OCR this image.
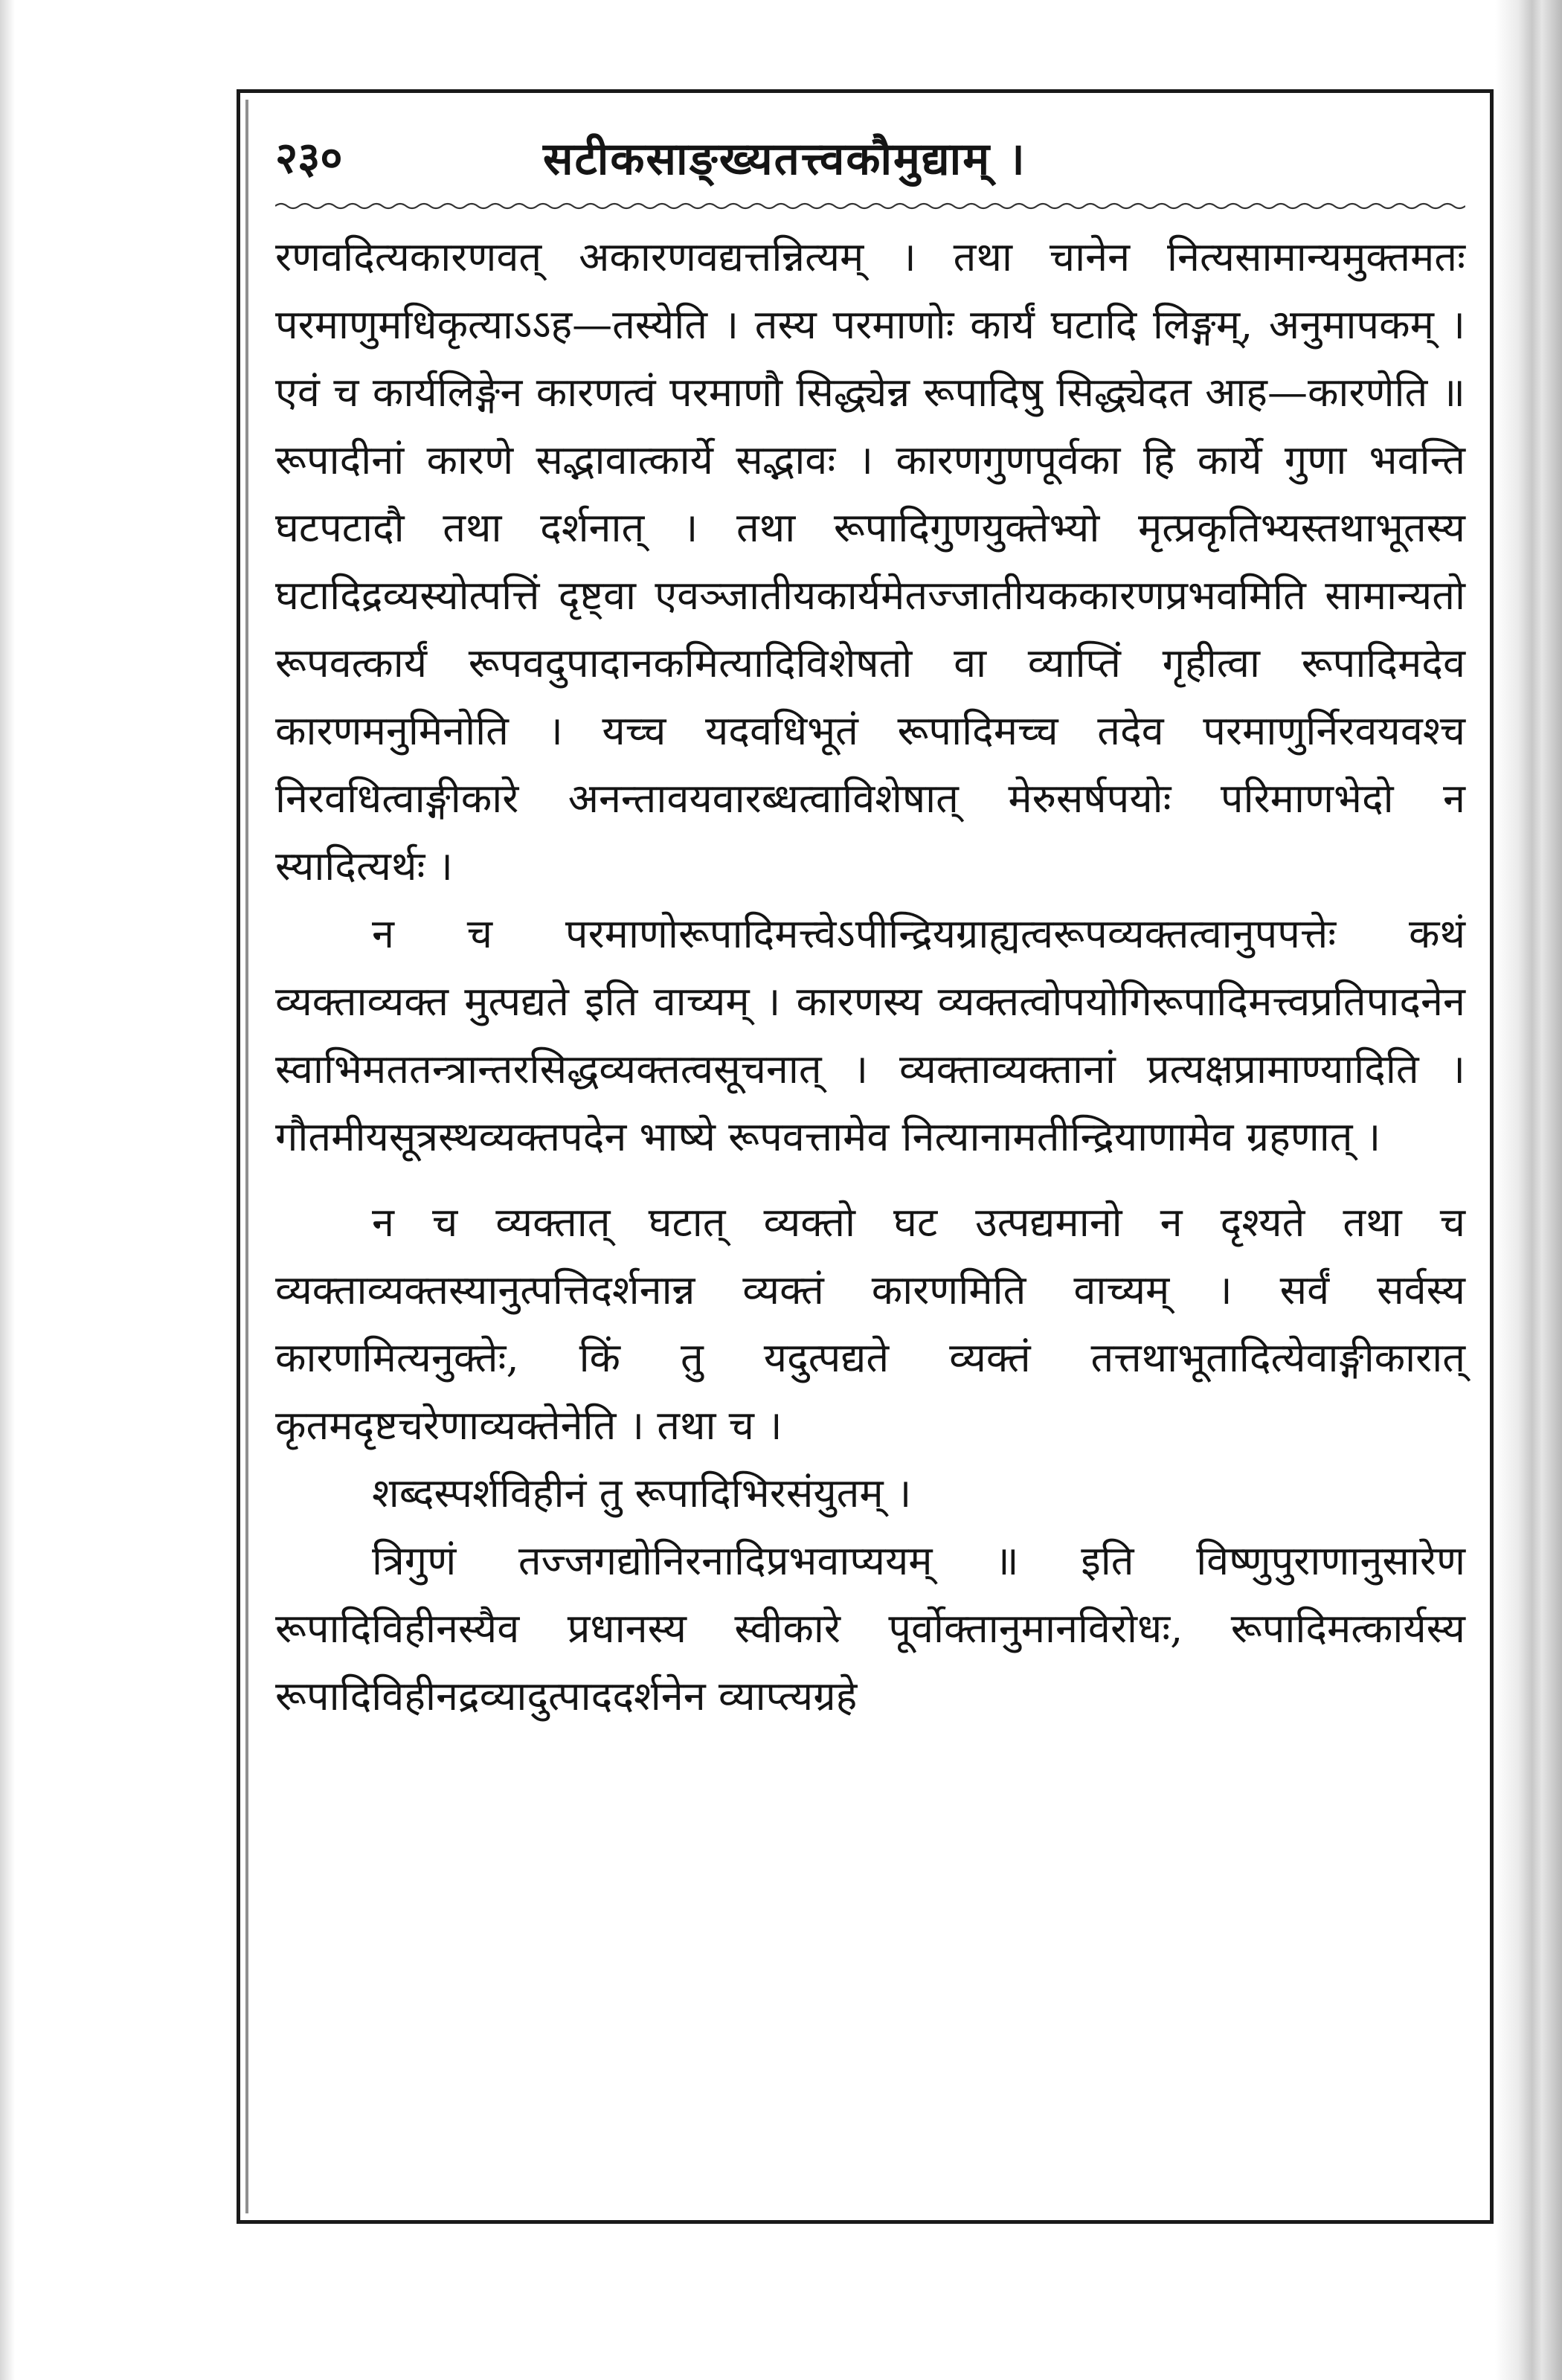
२३०	सटीकसाङ्ख्यतत्त्वकौमुद्याम् ।

रणवदित्यकारणवत् अकारणवद्यत्तन्नित्यम् । तथा चानेन नित्यसामान्यमुक्तमतः परमाणुमधिकृत्याऽऽह—तस्येति । तस्य परमाणोः कार्यं घटादि लिङ्गम्, अनुमापकम् । एवं च कार्यलिङ्गेन कारणत्वं परमाणौ सिद्ध्येन्न रूपादिषु सिद्ध्येदत आह—कारणेति ॥ रूपादीनां कारणे सद्भावात्कार्ये सद्भावः । कारणगुणपूर्वका हि कार्ये गुणा भवन्ति घटपटादौ तथा दर्शनात् । तथा रूपादिगुणयुक्तेभ्यो मृत्प्रकृतिभ्यस्तथाभूतस्य घटादिद्रव्यस्योत्पत्तिं दृष्ट्वा एवञ्जातीयकार्यमेतज्जातीयककारणप्रभवमिति सामान्यतो रूपवत्कार्यं रूपवदुपादानकमित्यादिविशेषतो वा व्याप्तिं गृहीत्वा रूपादिमदेव कारणमनुमिनोति । यच्च यदवधिभूतं रूपादिमच्च तदेव परमाणुर्निरवयवश्च निरवधित्वाङ्गीकारे अनन्तावयवारब्धत्वाविशेषात् मेरुसर्षपयोः परिमाणभेदो न स्यादित्यर्थः ।

न च परमाणोरूपादिमत्त्वेऽपीन्द्रियग्राह्यत्वरूपव्यक्तत्वानुपपत्तेः कथं व्यक्ताव्यक्त मुत्पद्यते इति वाच्यम् । कारणस्य व्यक्तत्वोपयोगिरूपादिमत्त्वप्रतिपादनेन स्वाभिमततन्त्रान्तरसिद्धव्यक्तत्वसूचनात् । व्यक्ताव्यक्तानां प्रत्यक्षप्रामाण्यादिति । गौतमीयसूत्रस्थव्यक्तपदेन भाष्ये रूपवत्तामेव नित्यानामतीन्द्रियाणामेव ग्रहणात् ।

न च व्यक्तात् घटात् व्यक्तो घट उत्पद्यमानो न दृश्यते तथा च व्यक्ताव्यक्तस्यानुत्पत्तिदर्शनान्न व्यक्तं कारणमिति वाच्यम् । सर्वं सर्वस्य कारणमित्यनुक्तेः, किं तु यदुत्पद्यते व्यक्तं तत्तथाभूतादित्येवाङ्गीकारात् कृतमदृष्टचरेणाव्यक्तेनेति । तथा च ।

शब्दस्पर्शविहीनं तु रूपादिभिरसंयुतम् ।

त्रिगुणं तज्जगद्योनिरनादिप्रभवाप्ययम् ॥ इति विष्णुपुराणानुसारेण रूपादिविहीनस्यैव प्रधानस्य स्वीकारे पूर्वोक्तानुमानविरोधः, रूपादिमत्कार्यस्य रूपादिविहीनद्रव्यादुत्पाददर्शनेन व्याप्त्यग्रहे
